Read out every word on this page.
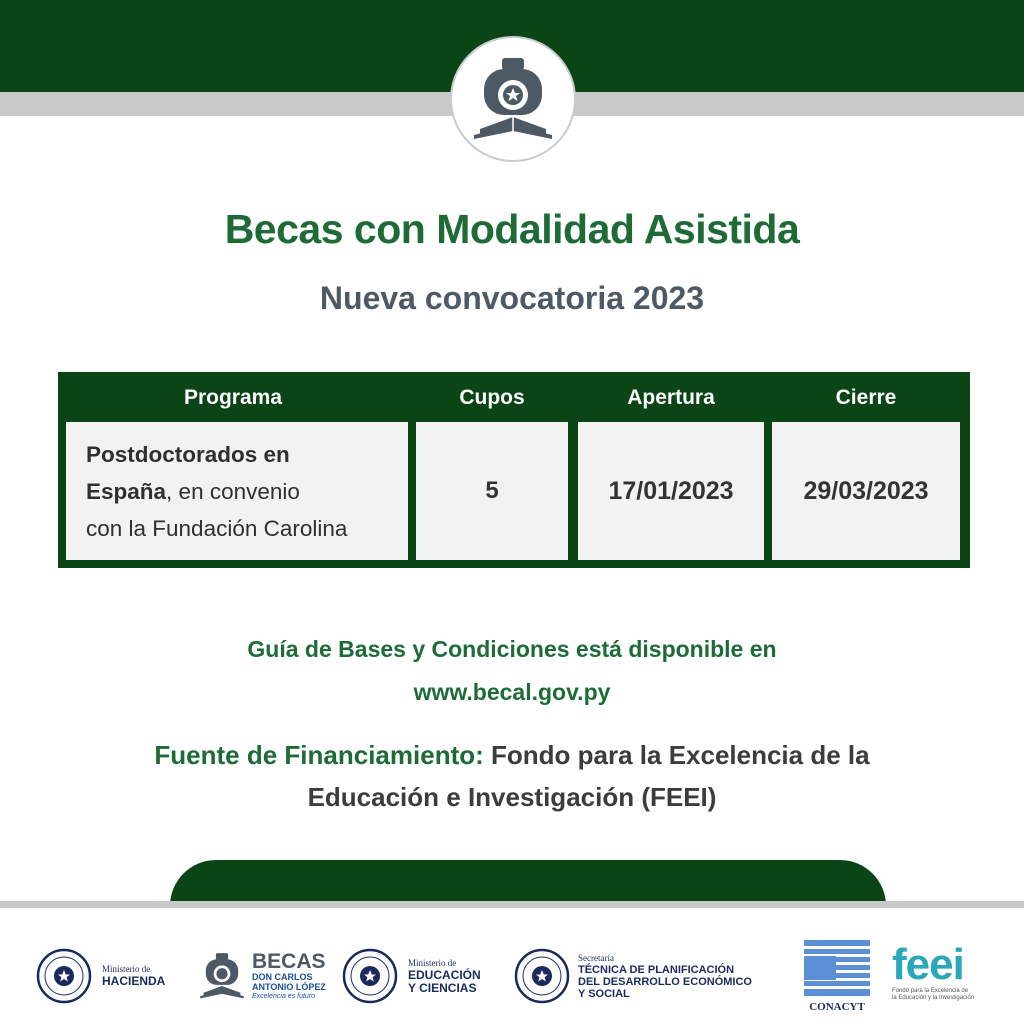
Becas con Modalidad Asistida
Nueva convocatoria 2023
Programa	Cupos	Apertura	Cierre
Postdoctorados en
España, en convenio
con la Fundación Carolina
5	17/01/2023	29/03/2023
Guía de Bases y Condiciones está disponible en
www.becal.gov.py
Fuente de Financiamiento: Fondo para la Excelencia de la
Educación e Investigación (FEEI)
Ministerio de
HACIENDA
BECAS
DON CARLOS
ANTONIO LÓPEZ
Excelencia es futuro
Ministerio de
EDUCACIÓN
Y CIENCIAS
Secretaría
TÉCNICA DE PLANIFICACIÓN
DEL DESARROLLO ECONÓMICO
Y SOCIAL
CONACYT
feei
Fondo para la Excelencia de
la Educación y la Investigación
